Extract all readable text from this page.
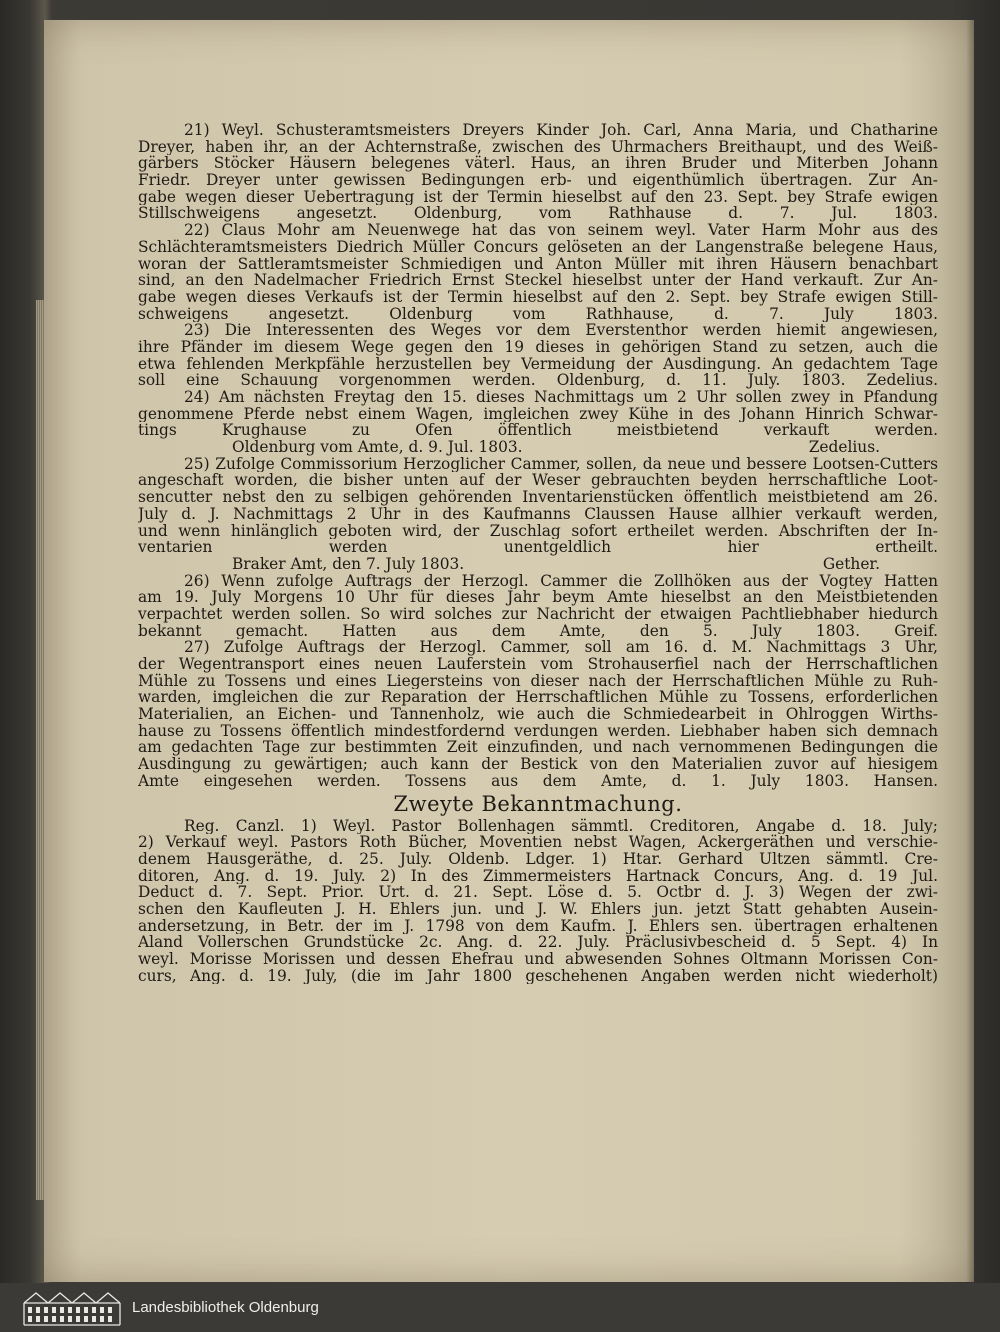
21) Weyl. Schusteramtsmeisters Dreyers Kinder Joh. Carl, Anna Maria, und Chatharine
Dreyer, haben ihr, an der Achternstraße, zwischen des Uhrmachers Breithaupt, und des Weiß-
gärbers Stöcker Häusern belegenes väterl. Haus, an ihren Bruder und Miterben Johann
Friedr. Dreyer unter gewissen Bedingungen erb- und eigenthümlich übertragen. Zur An-
gabe wegen dieser Uebertragung ist der Termin hieselbst auf den 23. Sept. bey Strafe ewigen
Stillschweigens angesetzt. Oldenburg, vom Rathhause d. 7. Jul. 1803.
22) Claus Mohr am Neuenwege hat das von seinem weyl. Vater Harm Mohr aus des
Schlächteramtsmeisters Diedrich Müller Concurs gelöseten an der Langenstraße belegene Haus,
woran der Sattleramtsmeister Schmiedigen und Anton Müller mit ihren Häusern benachbart
sind, an den Nadelmacher Friedrich Ernst Steckel hieselbst unter der Hand verkauft. Zur An-
gabe wegen dieses Verkaufs ist der Termin hieselbst auf den 2. Sept. bey Strafe ewigen Still-
schweigens angesetzt. Oldenburg vom Rathhause, d. 7. July 1803.
23) Die Interessenten des Weges vor dem Everstenthor werden hiemit angewiesen,
ihre Pfänder im diesem Wege gegen den 19 dieses in gehörigen Stand zu setzen, auch die
etwa fehlenden Merkpfähle herzustellen bey Vermeidung der Ausdingung. An gedachtem Tage
soll eine Schauung vorgenommen werden. Oldenburg, d. 11. July. 1803. Zedelius.
24) Am nächsten Freytag den 15. dieses Nachmittags um 2 Uhr sollen zwey in Pfandung
genommene Pferde nebst einem Wagen, imgleichen zwey Kühe in des Johann Hinrich Schwar-
tings Krughause zu Ofen öffentlich meistbietend verkauft werden.
Oldenburg vom Amte, d. 9. Jul. 1803.	Zedelius.
25) Zufolge Commissorium Herzoglicher Cammer, sollen, da neue und bessere Lootsen-Cutters
angeschaft worden, die bisher unten auf der Weser gebrauchten beyden herrschaftliche Loot-
sencutter nebst den zu selbigen gehörenden Inventarienstücken öffentlich meistbietend am 26.
July d. J. Nachmittags 2 Uhr in des Kaufmanns Claussen Hause allhier verkauft werden,
und wenn hinlänglich geboten wird, der Zuschlag sofort ertheilet werden. Abschriften der In-
ventarien werden unentgeldlich hier ertheilt.
Braker Amt, den 7. July 1803.	Gether.
26) Wenn zufolge Auftrags der Herzogl. Cammer die Zollhöken aus der Vogtey Hatten
am 19. July Morgens 10 Uhr für dieses Jahr beym Amte hieselbst an den Meistbietenden
verpachtet werden sollen. So wird solches zur Nachricht der etwaigen Pachtliebhaber hiedurch
bekannt gemacht. Hatten aus dem Amte, den 5. July 1803. Greif.
27) Zufolge Auftrags der Herzogl. Cammer, soll am 16. d. M. Nachmittags 3 Uhr,
der Wegentransport eines neuen Lauferstein vom Strohauserfiel nach der Herrschaftlichen
Mühle zu Tossens und eines Liegersteins von dieser nach der Herrschaftlichen Mühle zu Ruh-
warden, imgleichen die zur Reparation der Herrschaftlichen Mühle zu Tossens, erforderlichen
Materialien, an Eichen- und Tannenholz, wie auch die Schmiedearbeit in Ohlroggen Wirths-
hause zu Tossens öffentlich mindestfordernd verdungen werden. Liebhaber haben sich demnach
am gedachten Tage zur bestimmten Zeit einzufinden, und nach vernommenen Bedingungen die
Ausdingung zu gewärtigen; auch kann der Bestick von den Materialien zuvor auf hiesigem
Amte eingesehen werden. Tossens aus dem Amte, d. 1. July 1803. Hansen.
Zweyte Bekanntmachung.
Reg. Canzl. 1) Weyl. Pastor Bollenhagen sämmtl. Creditoren, Angabe d. 18. July;
2) Verkauf weyl. Pastors Roth Bücher, Moventien nebst Wagen, Ackergeräthen und verschie-
denem Hausgeräthe, d. 25. July. Oldenb. Ldger. 1) Htar. Gerhard Ultzen sämmtl. Cre-
ditoren, Ang. d. 19. July. 2) In des Zimmermeisters Hartnack Concurs, Ang. d. 19 Jul.
Deduct d. 7. Sept. Prior. Urt. d. 21. Sept. Löse d. 5. Octbr d. J. 3) Wegen der zwi-
schen den Kaufleuten J. H. Ehlers jun. und J. W. Ehlers jun. jetzt Statt gehabten Ausein-
andersetzung, in Betr. der im J. 1798 von dem Kaufm. J. Ehlers sen. übertragen erhaltenen
Aland Vollerschen Grundstücke 2c. Ang. d. 22. July. Präclusivbescheid d. 5 Sept. 4) In
weyl. Morisse Morissen und dessen Ehefrau und abwesenden Sohnes Oltmann Morissen Con-
curs, Ang. d. 19. July, (die im Jahr 1800 geschehenen Angaben werden nicht wiederholt)
Landesbibliothek Oldenburg
